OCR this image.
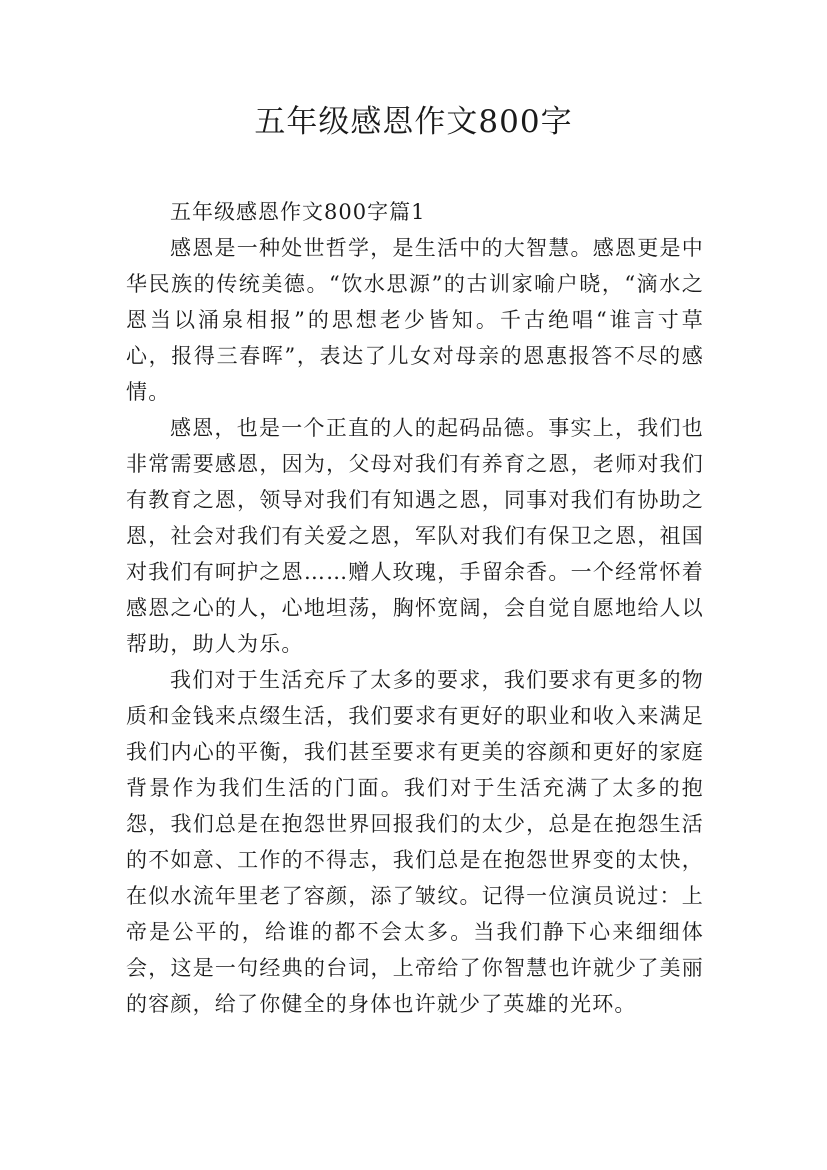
五年级感恩作文800字

五年级感恩作文800字篇1

感恩是一种处世哲学，是生活中的大智慧。感恩更是中华民族的传统美德。“饮水思源”的古训家喻户晓，“滴水之恩当以涌泉相报”的思想老少皆知。千古绝唱“谁言寸草心，报得三春晖”，表达了儿女对母亲的恩惠报答不尽的感情。

感恩，也是一个正直的人的起码品德。事实上，我们也非常需要感恩，因为，父母对我们有养育之恩，老师对我们有教育之恩，领导对我们有知遇之恩，同事对我们有协助之恩，社会对我们有关爱之恩，军队对我们有保卫之恩，祖国对我们有呵护之恩……赠人玫瑰，手留余香。一个经常怀着感恩之心的人，心地坦荡，胸怀宽阔，会自觉自愿地给人以帮助，助人为乐。

我们对于生活充斥了太多的要求，我们要求有更多的物质和金钱来点缀生活，我们要求有更好的职业和收入来满足我们内心的平衡，我们甚至要求有更美的容颜和更好的家庭背景作为我们生活的门面。我们对于生活充满了太多的抱怨，我们总是在抱怨世界回报我们的太少，总是在抱怨生活的不如意、工作的不得志，我们总是在抱怨世界变的太快，在似水流年里老了容颜，添了皱纹。记得一位演员说过：上帝是公平的，给谁的都不会太多。当我们静下心来细细体会，这是一句经典的台词，上帝给了你智慧也许就少了美丽的容颜，给了你健全的身体也许就少了英雄的光环。
